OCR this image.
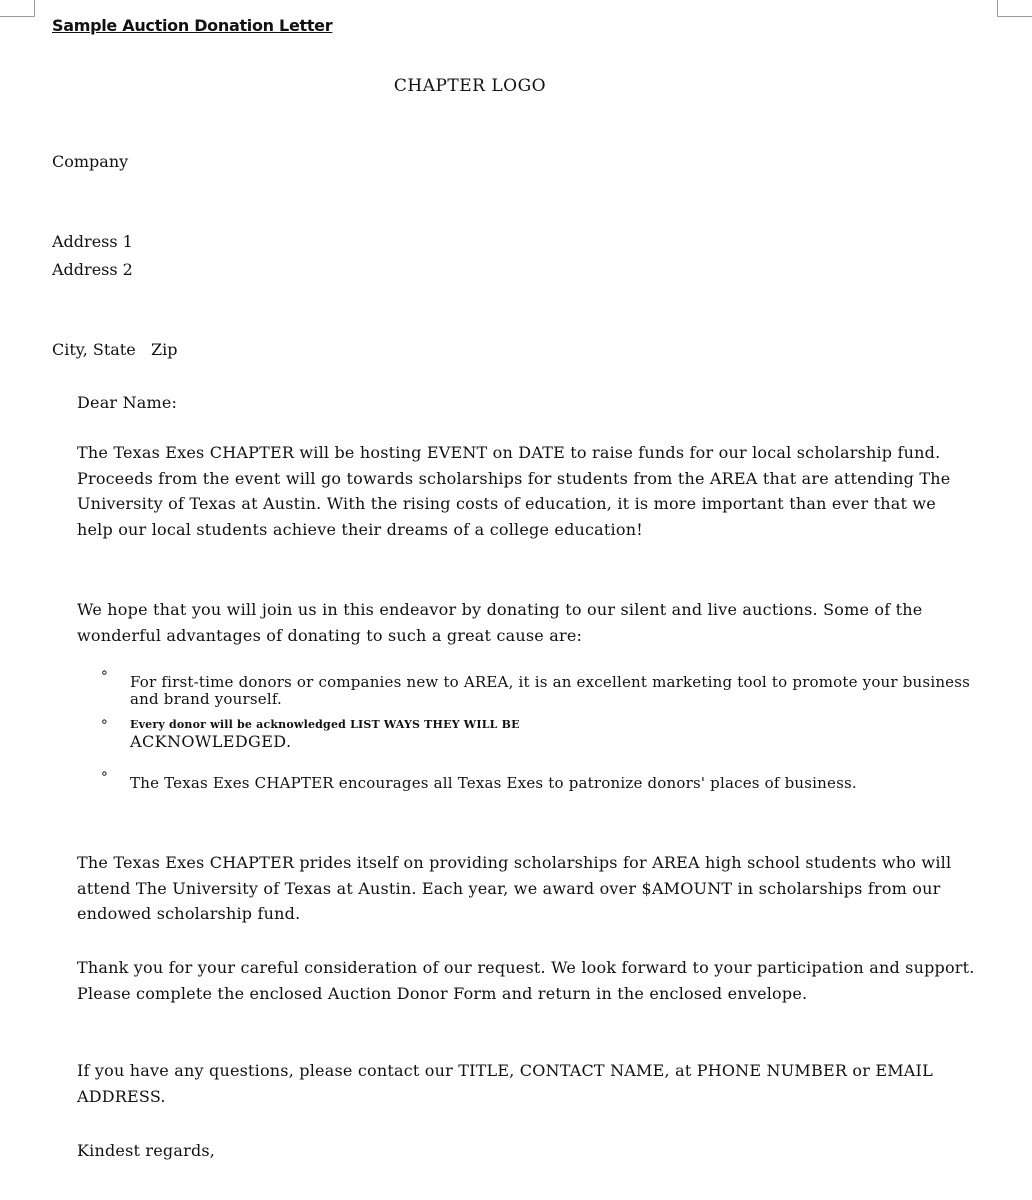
Sample Auction Donation Letter
CHAPTER LOGO

Company

Address 1
Address 2

City, State   Zip

Dear Name:

The Texas Exes CHAPTER will be hosting EVENT on DATE to raise funds for our local scholarship fund. Proceeds from the event will go towards scholarships for students from the AREA that are attending The University of Texas at Austin. With the rising costs of education, it is more important than ever that we help our local students achieve their dreams of a college education!

We hope that you will join us in this endeavor by donating to our silent and live auctions. Some of the wonderful advantages of donating to such a great cause are:

∘ For first-time donors or companies new to AREA, it is an excellent marketing tool to promote your business and brand yourself.
∘ Every donor will be acknowledged LIST WAYS THEY WILL BE
ACKNOWLEDGED.
∘ The Texas Exes CHAPTER encourages all Texas Exes to patronize donors' places of business.

The Texas Exes CHAPTER prides itself on providing scholarships for AREA high school students who will attend The University of Texas at Austin. Each year, we award over $AMOUNT in scholarships from our endowed scholarship fund.

Thank you for your careful consideration of our request. We look forward to your participation and support. Please complete the enclosed Auction Donor Form and return in the enclosed envelope.

If you have any questions, please contact our TITLE, CONTACT NAME, at PHONE NUMBER or EMAIL ADDRESS.

Kindest regards,
